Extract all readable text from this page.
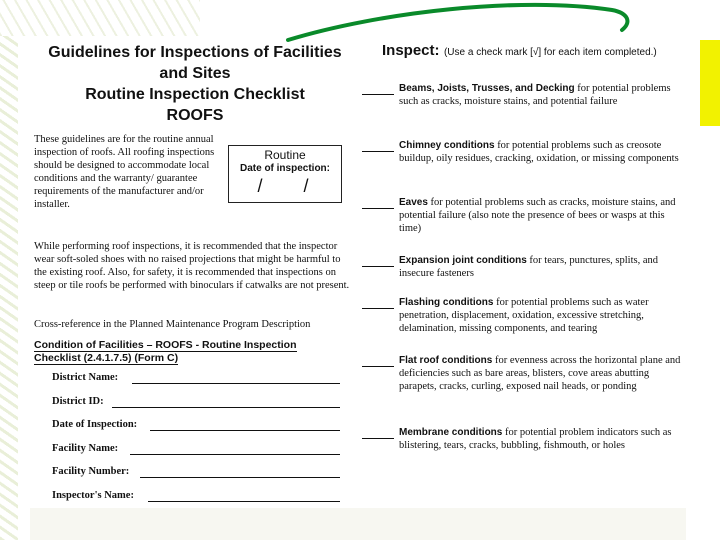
Guidelines for Inspections of Facilities
and Sites
Routine Inspection Checklist
ROOFS
These guidelines are for the routine annual inspection of roofs. All roofing inspections should be designed to accommodate local conditions and the warranty/ guarantee requirements of the manufacturer and/or installer.
Routine
Date of inspection:
/ /
While performing roof inspections, it is recommended that the inspector wear soft-soled shoes with no raised projections that might be harmful to the existing roof. Also, for safety, it is recommended that inspections on steep or tile roofs be performed with binoculars if catwalks are not present.
Cross-reference in the Planned Maintenance Program Description
Condition of Facilities – ROOFS - Routine Inspection Checklist (2.4.1.7.5) (Form C)
District Name:
District ID:
Date of Inspection:
Facility Name:
Facility Number:
Inspector's Name:
Inspect: (Use a check mark [√] for each item completed.)
Beams, Joists, Trusses, and Decking for potential problems such as cracks, moisture stains, and potential failure
Chimney conditions for potential problems such as creosote buildup, oily residues, cracking, oxidation, or missing components
Eaves for potential problems such as cracks, moisture stains, and potential failure (also note the presence of bees or wasps at this time)
Expansion joint conditions for tears, punctures, splits, and insecure fasteners
Flashing conditions for potential problems such as water penetration, displacement, oxidation, excessive stretching, delamination, missing components, and tearing
Flat roof conditions for evenness across the horizontal plane and deficiencies such as bare areas, blisters, cove areas abutting parapets, cracks, curling, exposed nail heads, or ponding
Membrane conditions for potential problem indicators such as blistering, tears, cracks, bubbling, fishmouth, or holes
